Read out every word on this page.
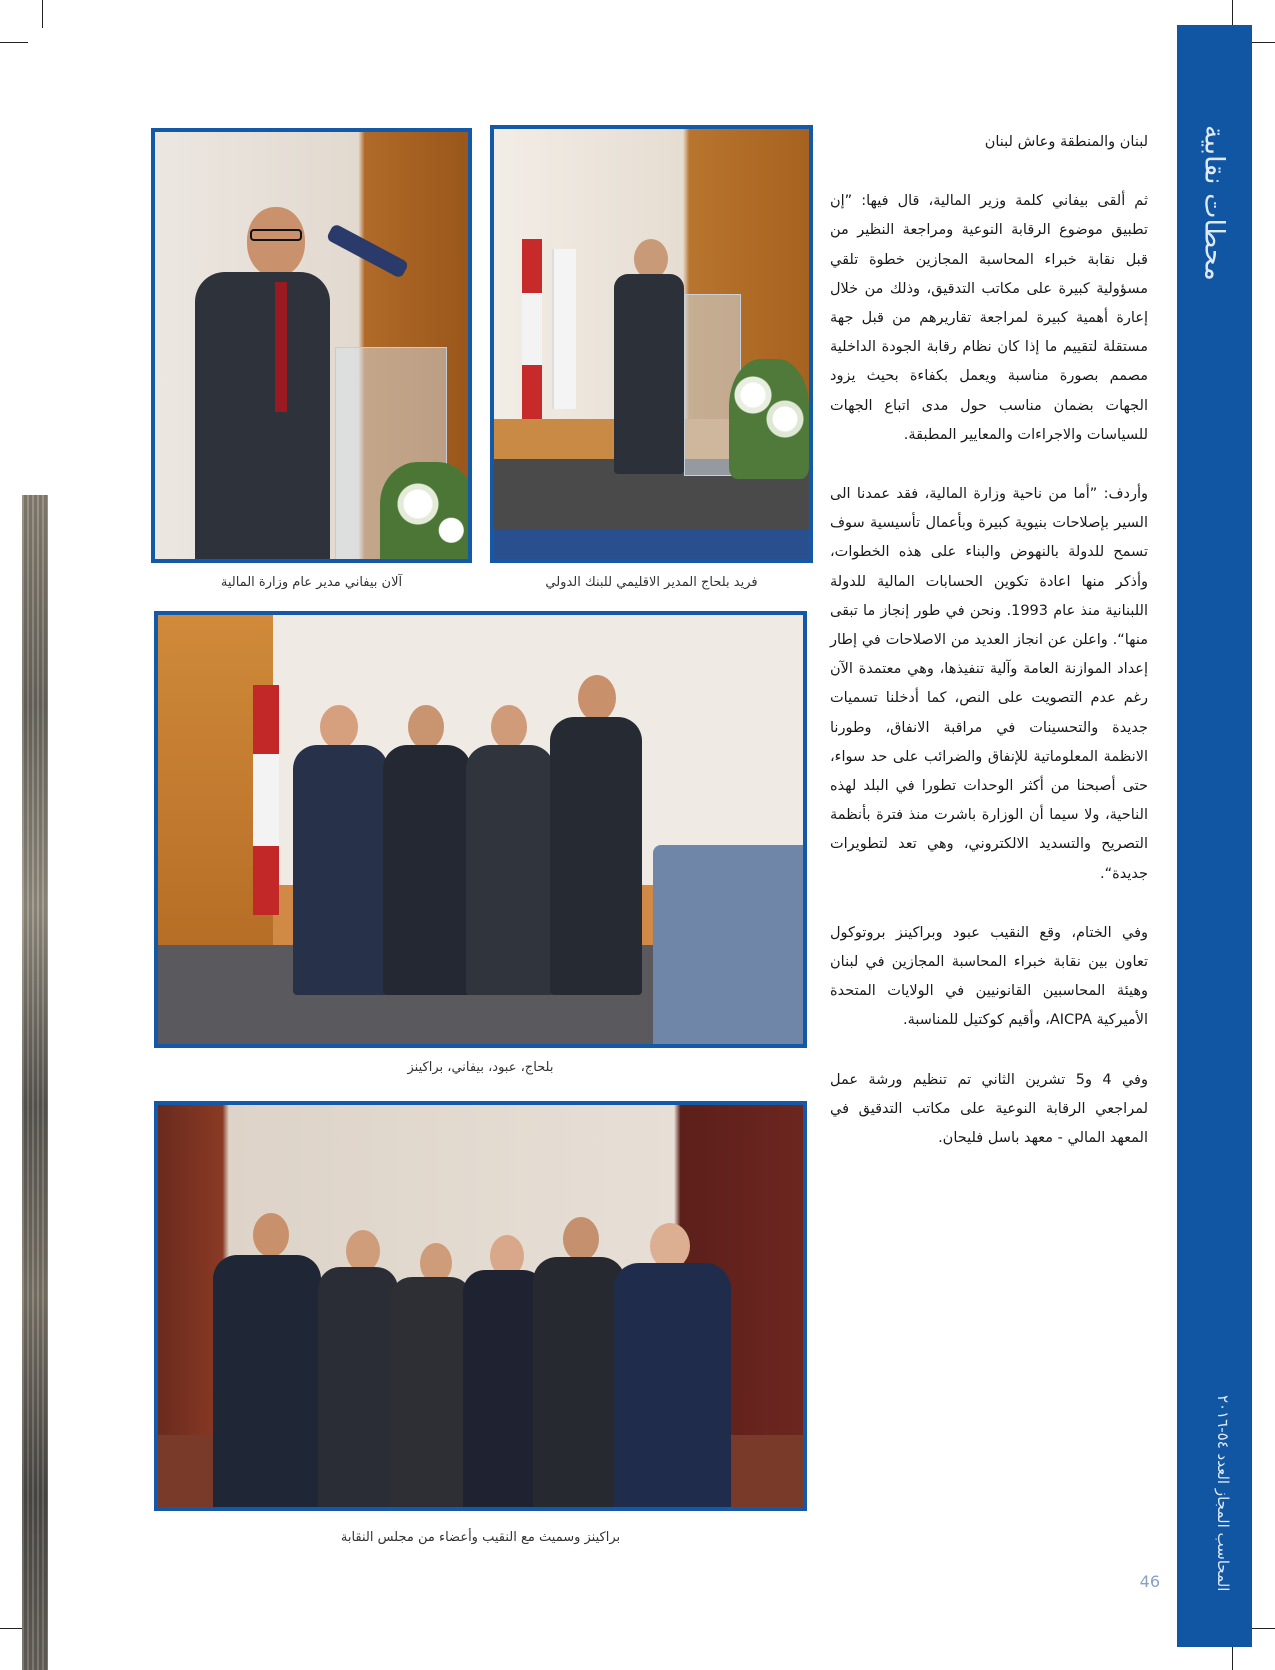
محطات نقابية
المحاسب المجاز العدد ٥٤-٢٠١٦

لبنان والمنطقة وعاش لبنان

ثم ألقى بيفاني كلمة وزير المالية، قال فيها: ”إن تطبيق موضوع الرقابة النوعية ومراجعة النظير من قبل نقابة خبراء المحاسبة المجازين خطوة تلقي مسؤولية كبيرة على مكاتب التدقيق، وذلك من خلال إعارة أهمية كبيرة لمراجعة تقاريرهم من قبل جهة مستقلة لتقييم ما إذا كان نظام رقابة الجودة الداخلية مصمم بصورة مناسبة ويعمل بكفاءة بحيث يزود الجهات بضمان مناسب حول مدى اتباع الجهات للسياسات والاجراءات والمعايير المطبقة.

وأردف: ”أما من ناحية وزارة المالية، فقد عمدنا الى السير بإصلاحات بنيوية كبيرة وبأعمال تأسيسية سوف تسمح للدولة بالنهوض والبناء على هذه الخطوات، وأذكر منها اعادة تكوين الحسابات المالية للدولة اللبنانية منذ عام 1993. ونحن في طور إنجاز ما تبقى منها“. واعلن عن انجاز العديد من الاصلاحات في إطار إعداد الموازنة العامة وآلية تنفيذها، وهي معتمدة الآن رغم عدم التصويت على النص، كما أدخلنا تسميات جديدة والتحسينات في مراقبة الانفاق، وطورنا الانظمة المعلوماتية للإنفاق والضرائب على حد سواء، حتى أصبحنا من أكثر الوحدات تطورا في البلد لهذه الناحية، ولا سيما أن الوزارة باشرت منذ فترة بأنظمة التصريح والتسديد الالكتروني، وهي تعد لتطويرات جديدة“.

وفي الختام، وقع النقيب عبود وبراكينز بروتوكول تعاون بين نقابة خبراء المحاسبة المجازين في لبنان وهيئة المحاسبين القانونيين في الولايات المتحدة الأميركية AICPA، وأقيم كوكتيل للمناسبة.

وفي 4 و5 تشرين الثاني تم تنظيم ورشة عمل لمراجعي الرقابة النوعية على مكاتب التدقيق في المعهد المالي - معهد باسل فليحان.

فريد بلحاج المدير الاقليمي للبنك الدولي
آلان بيفاني مدير عام وزارة المالية
بلحاج، عبود، بيفاني، براكينز
براكينز وسميث مع النقيب وأعضاء من مجلس النقابة
46
